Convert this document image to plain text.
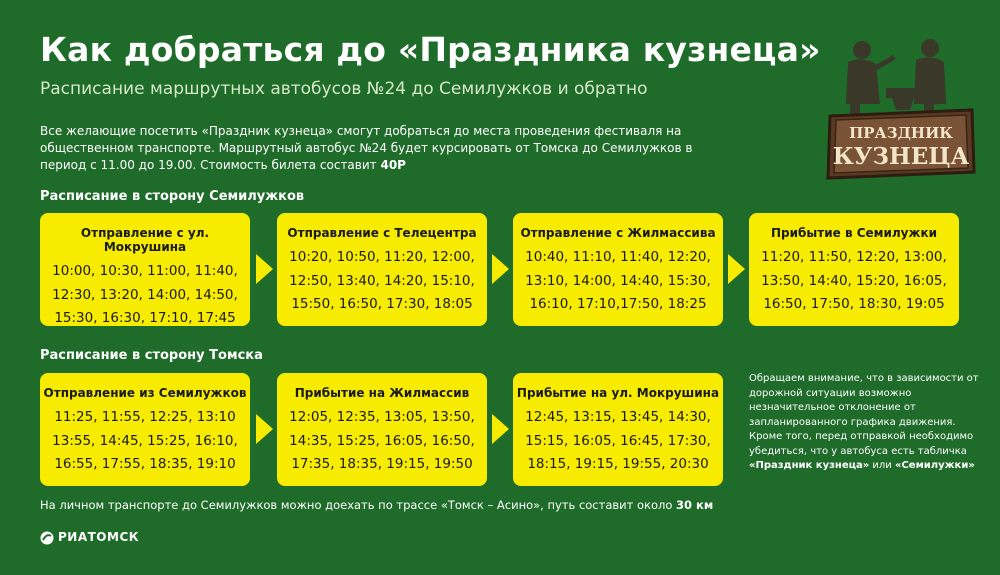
Как добраться до «Праздника кузнеца»
Расписание маршрутных автобусов №24 до Семилужков и обратно
Все желающие посетить «Праздник кузнеца» смогут добраться до места проведения фестиваля на общественном транспорте. Маршрутный автобус №24 будет курсировать от Томска до Семилужков в период с 11.00 до 19.00. Стоимость билета составит 40Р
ПРАЗДНИК
КУЗНЕЦА
Расписание в сторону Семилужков
Отправление с ул. Мокрушина
10:00, 10:30, 11:00, 11:40,
12:30, 13:20, 14:00, 14:50,
15:30, 16:30, 17:10, 17:45
Отправление с Телецентра
10:20, 10:50, 11:20, 12:00,
12:50, 13:40, 14:20, 15:10,
15:50, 16:50, 17:30, 18:05
Отправление с Жилмассива
10:40, 11:10, 11:40, 12:20,
13:10, 14:00, 14:40, 15:30,
16:10, 17:10,17:50, 18:25
Прибытие в Семилужки
11:20, 11:50, 12:20, 13:00,
13:50, 14:40, 15:20, 16:05,
16:50, 17:50, 18:30, 19:05
Расписание в сторону Томска
Отправление из Семилужков
11:25, 11:55, 12:25, 13:10
13:55, 14:45, 15:25, 16:10,
16:55, 17:55, 18:35, 19:10
Прибытие на Жилмассив
12:05, 12:35, 13:05, 13:50,
14:35, 15:25, 16:05, 16:50,
17:35, 18:35, 19:15, 19:50
Прибытие на ул. Мокрушина
12:45, 13:15, 13:45, 14:30,
15:15, 16:05, 16:45, 17:30,
18:15, 19:15, 19:55, 20:30
Обращаем внимание, что в зависимости от дорожной ситуации возможно незначительное отклонение от запланированного графика движения. Кроме того, перед отправкой необходимо убедиться, что у автобуса есть табличка «Праздник кузнеца» или «Семилужки»
На личном транспорте до Семилужков можно доехать по трассе «Томск – Асино», путь составит около 30 км
РИАТОМСК
